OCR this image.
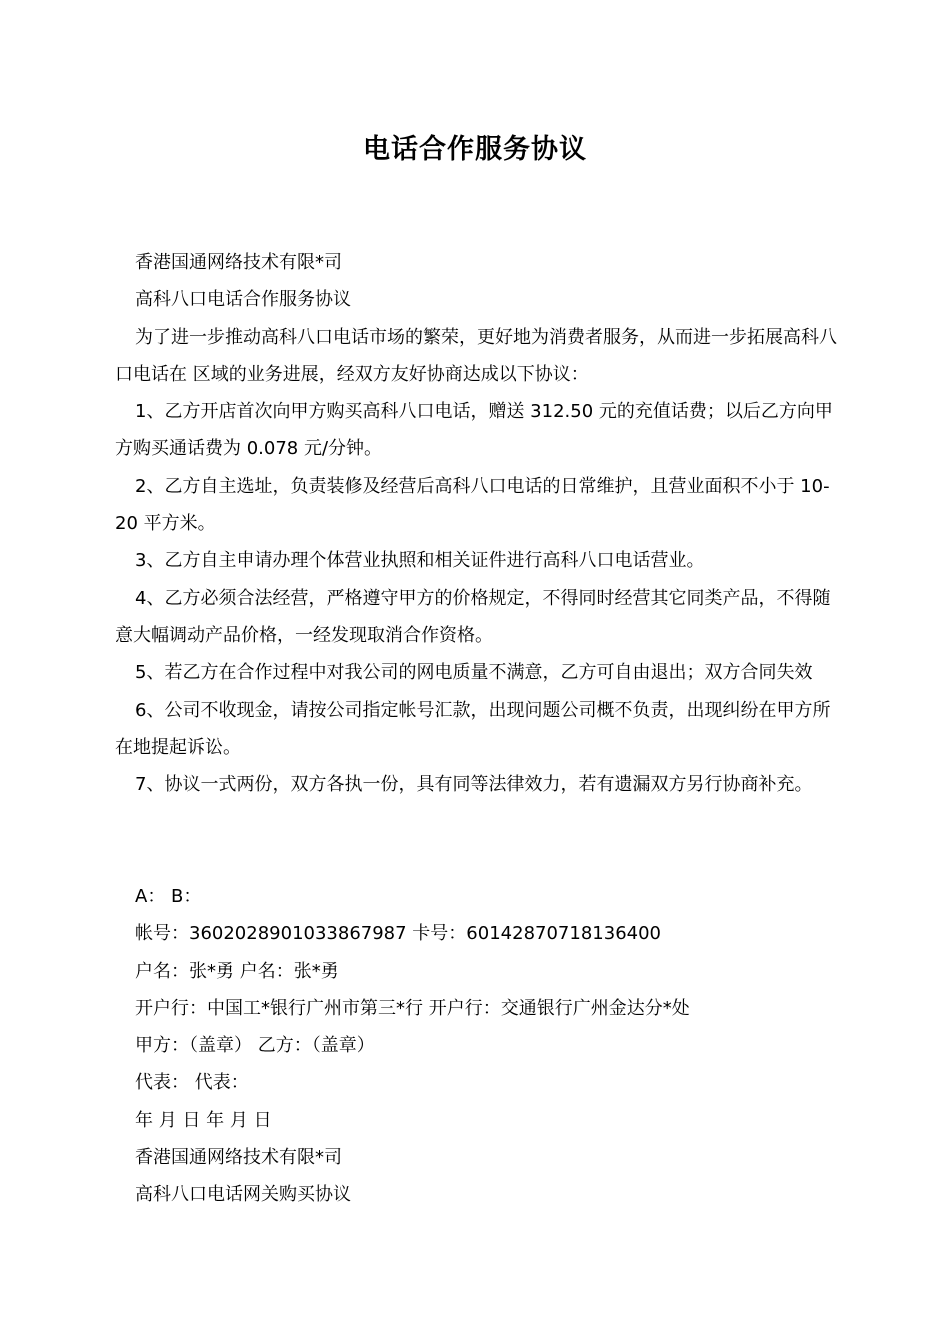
电话合作服务协议

香港国通网络技术有限*司

高科八口电话合作服务协议

为了进一步推动高科八口电话市场的繁荣，更好地为消费者服务，从而进一步拓展高科八口电话在 区域的业务进展，经双方友好协商达成以下协议：

1、乙方开店首次向甲方购买高科八口电话，赠送 312.50 元的充值话费；以后乙方向甲方购买通话费为 0.078 元/分钟。

2、乙方自主选址，负责装修及经营后高科八口电话的日常维护，且营业面积不小于 10-20 平方米。

3、乙方自主申请办理个体营业执照和相关证件进行高科八口电话营业。

4、乙方必须合法经营，严格遵守甲方的价格规定，不得同时经营其它同类产品，不得随意大幅调动产品价格，一经发现取消合作资格。

5、若乙方在合作过程中对我公司的网电质量不满意，乙方可自由退出；双方合同失效

6、公司不收现金，请按公司指定帐号汇款，出现问题公司概不负责，出现纠纷在甲方所在地提起诉讼。

7、协议一式两份，双方各执一份，具有同等法律效力，若有遗漏双方另行协商补充。

A： B：

帐号：3602028901033867987 卡号：60142870718136400

户名：张*勇 户名：张*勇

开户行：中国工*银行广州市第三*行 开户行：交通银行广州金达分*处

甲方：（盖章） 乙方：（盖章）

代表： 代表：

年 月 日 年 月 日

香港国通网络技术有限*司

高科八口电话网关购买协议
